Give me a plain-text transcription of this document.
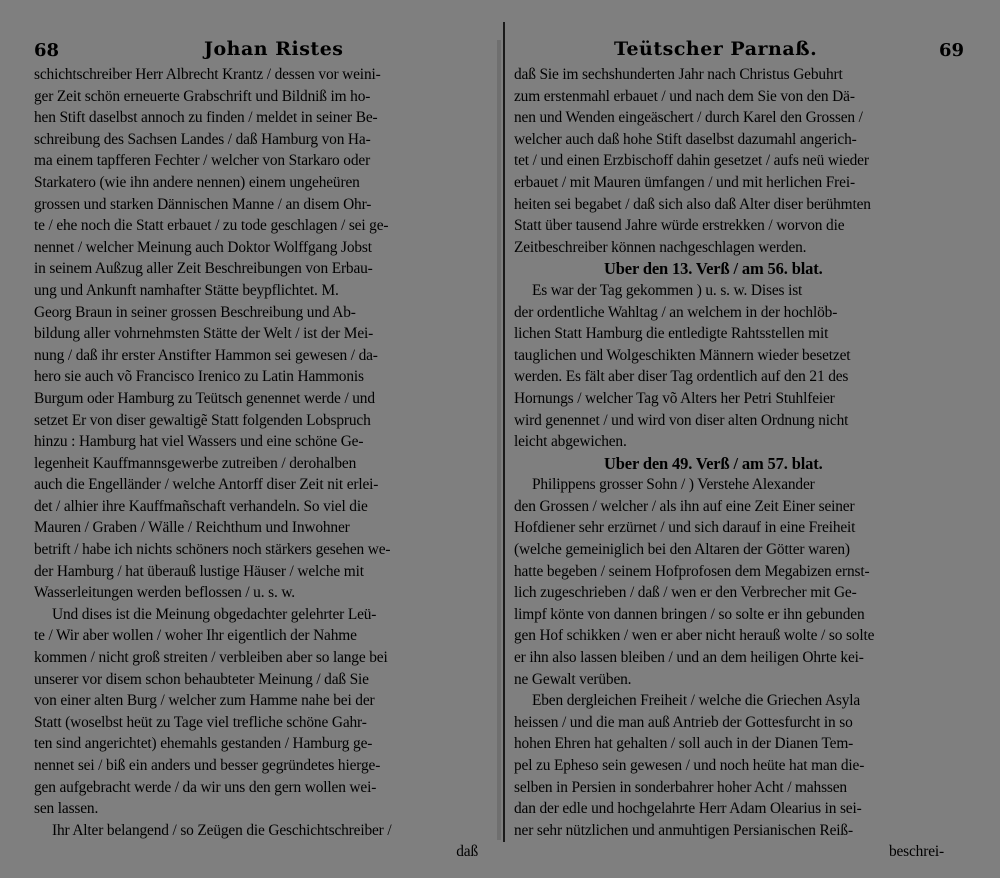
68	Johan Ristes
schichtschreiber Herr Albrecht Krantz / dessen vor weini-
ger Zeit schön erneuerte Grabschrift und Bildniß im ho-
hen Stift daselbst annoch zu finden / meldet in seiner Be-
schreibung des Sachsen Landes / daß Hamburg von Ha-
ma einem tapfferen Fechter / welcher von Starkaro oder
Starkatero (wie ihn andere nennen) einem ungeheüren
grossen und starken Dännischen Manne / an disem Ohr-
te / ehe noch die Statt erbauet / zu tode geschlagen / sei ge-
nennet / welcher Meinung auch Doktor Wolffgang Jobst
in seinem Außzug aller Zeit Beschreibungen von Erbau-
ung und Ankunft namhafter Stätte beypflichtet. M.
Georg Braun in seiner grossen Beschreibung und Ab-
bildung aller vohrnehmsten Stätte der Welt / ist der Mei-
nung / daß ihr erster Anstifter Hammon sei gewesen / da-
hero sie auch võ Francisco Irenico zu Latin Hammonis
Burgum oder Hamburg zu Teütsch genennet werde / und
setzet Er von diser gewaltigẽ Statt folgenden Lobspruch
hinzu : Hamburg hat viel Wassers und eine schöne Ge-
legenheit Kauffmannsgewerbe zutreiben / derohalben
auch die Engelländer / welche Antorff diser Zeit nit erlei-
det / alhier ihre Kauffmañschaft verhandeln. So viel die
Mauren / Graben / Wälle / Reichthum und Inwohner
betrift / habe ich nichts schöners noch stärkers gesehen we-
der Hamburg / hat überauß lustige Häuser / welche mit
Wasserleitungen werden beflossen / u. s. w.
Und dises ist die Meinung obgedachter gelehrter Leü-
te / Wir aber wollen / woher Ihr eigentlich der Nahme
kommen / nicht groß streiten / verbleiben aber so lange bei
unserer vor disem schon behaubteter Meinung / daß Sie
von einer alten Burg / welcher zum Hamme nahe bei der
Statt (woselbst heüt zu Tage viel trefliche schöne Gahr-
ten sind angerichtet) ehemahls gestanden / Hamburg ge-
nennet sei / biß ein anders und besser gegründetes hierge-
gen aufgebracht werde / da wir uns den gern wollen wei-
sen lassen.
Ihr Alter belangend / so Zeügen die Geschichtschreiber /
daß
Teütscher Parnaß.	69
daß Sie im sechshunderten Jahr nach Christus Gebuhrt
zum erstenmahl erbauet / und nach dem Sie von den Dä-
nen und Wenden eingeäschert / durch Karel den Grossen /
welcher auch daß hohe Stift daselbst dazumahl angerich-
tet / und einen Erzbischoff dahin gesetzet / aufs neü wieder
erbauet / mit Mauren ümfangen / und mit herlichen Frei-
heiten sei begabet / daß sich also daß Alter diser berühmten
Statt über tausend Jahre würde erstrekken / worvon die
Zeitbeschreiber können nachgeschlagen werden.
Uber den 13. Verß / am 56. blat.
Es war der Tag gekommen ) u. s. w. Dises ist
der ordentliche Wahltag / an welchem in der hochlöb-
lichen Statt Hamburg die entledigte Rahtsstellen mit
tauglichen und Wolgeschikten Männern wieder besetzet
werden. Es fält aber diser Tag ordentlich auf den 21 des
Hornungs / welcher Tag võ Alters her Petri Stuhlfeier
wird genennet / und wird von diser alten Ordnung nicht
leicht abgewichen.
Uber den 49. Verß / am 57. blat.
Philippens grosser Sohn / ) Verstehe Alexander
den Grossen / welcher / als ihn auf eine Zeit Einer seiner
Hofdiener sehr erzürnet / und sich darauf in eine Freiheit
(welche gemeiniglich bei den Altaren der Götter waren)
hatte begeben / seinem Hofprofosen dem Megabizen ernst-
lich zugeschrieben / daß / wen er den Verbrecher mit Ge-
limpf könte von dannen bringen / so solte er ihn gebunden
gen Hof schikken / wen er aber nicht herauß wolte / so solte
er ihn also lassen bleiben / und an dem heiligen Ohrte kei-
ne Gewalt verüben.
Eben dergleichen Freiheit / welche die Griechen Asyla
heissen / und die man auß Antrieb der Gottesfurcht in so
hohen Ehren hat gehalten / soll auch in der Dianen Tem-
pel zu Epheso sein gewesen / und noch heüte hat man die-
selben in Persien in sonderbahrer hoher Acht / mahssen
dan der edle und hochgelahrte Herr Adam Olearius in sei-
ner sehr nützlichen und anmuhtigen Persianischen Reiß-
beschrei-
